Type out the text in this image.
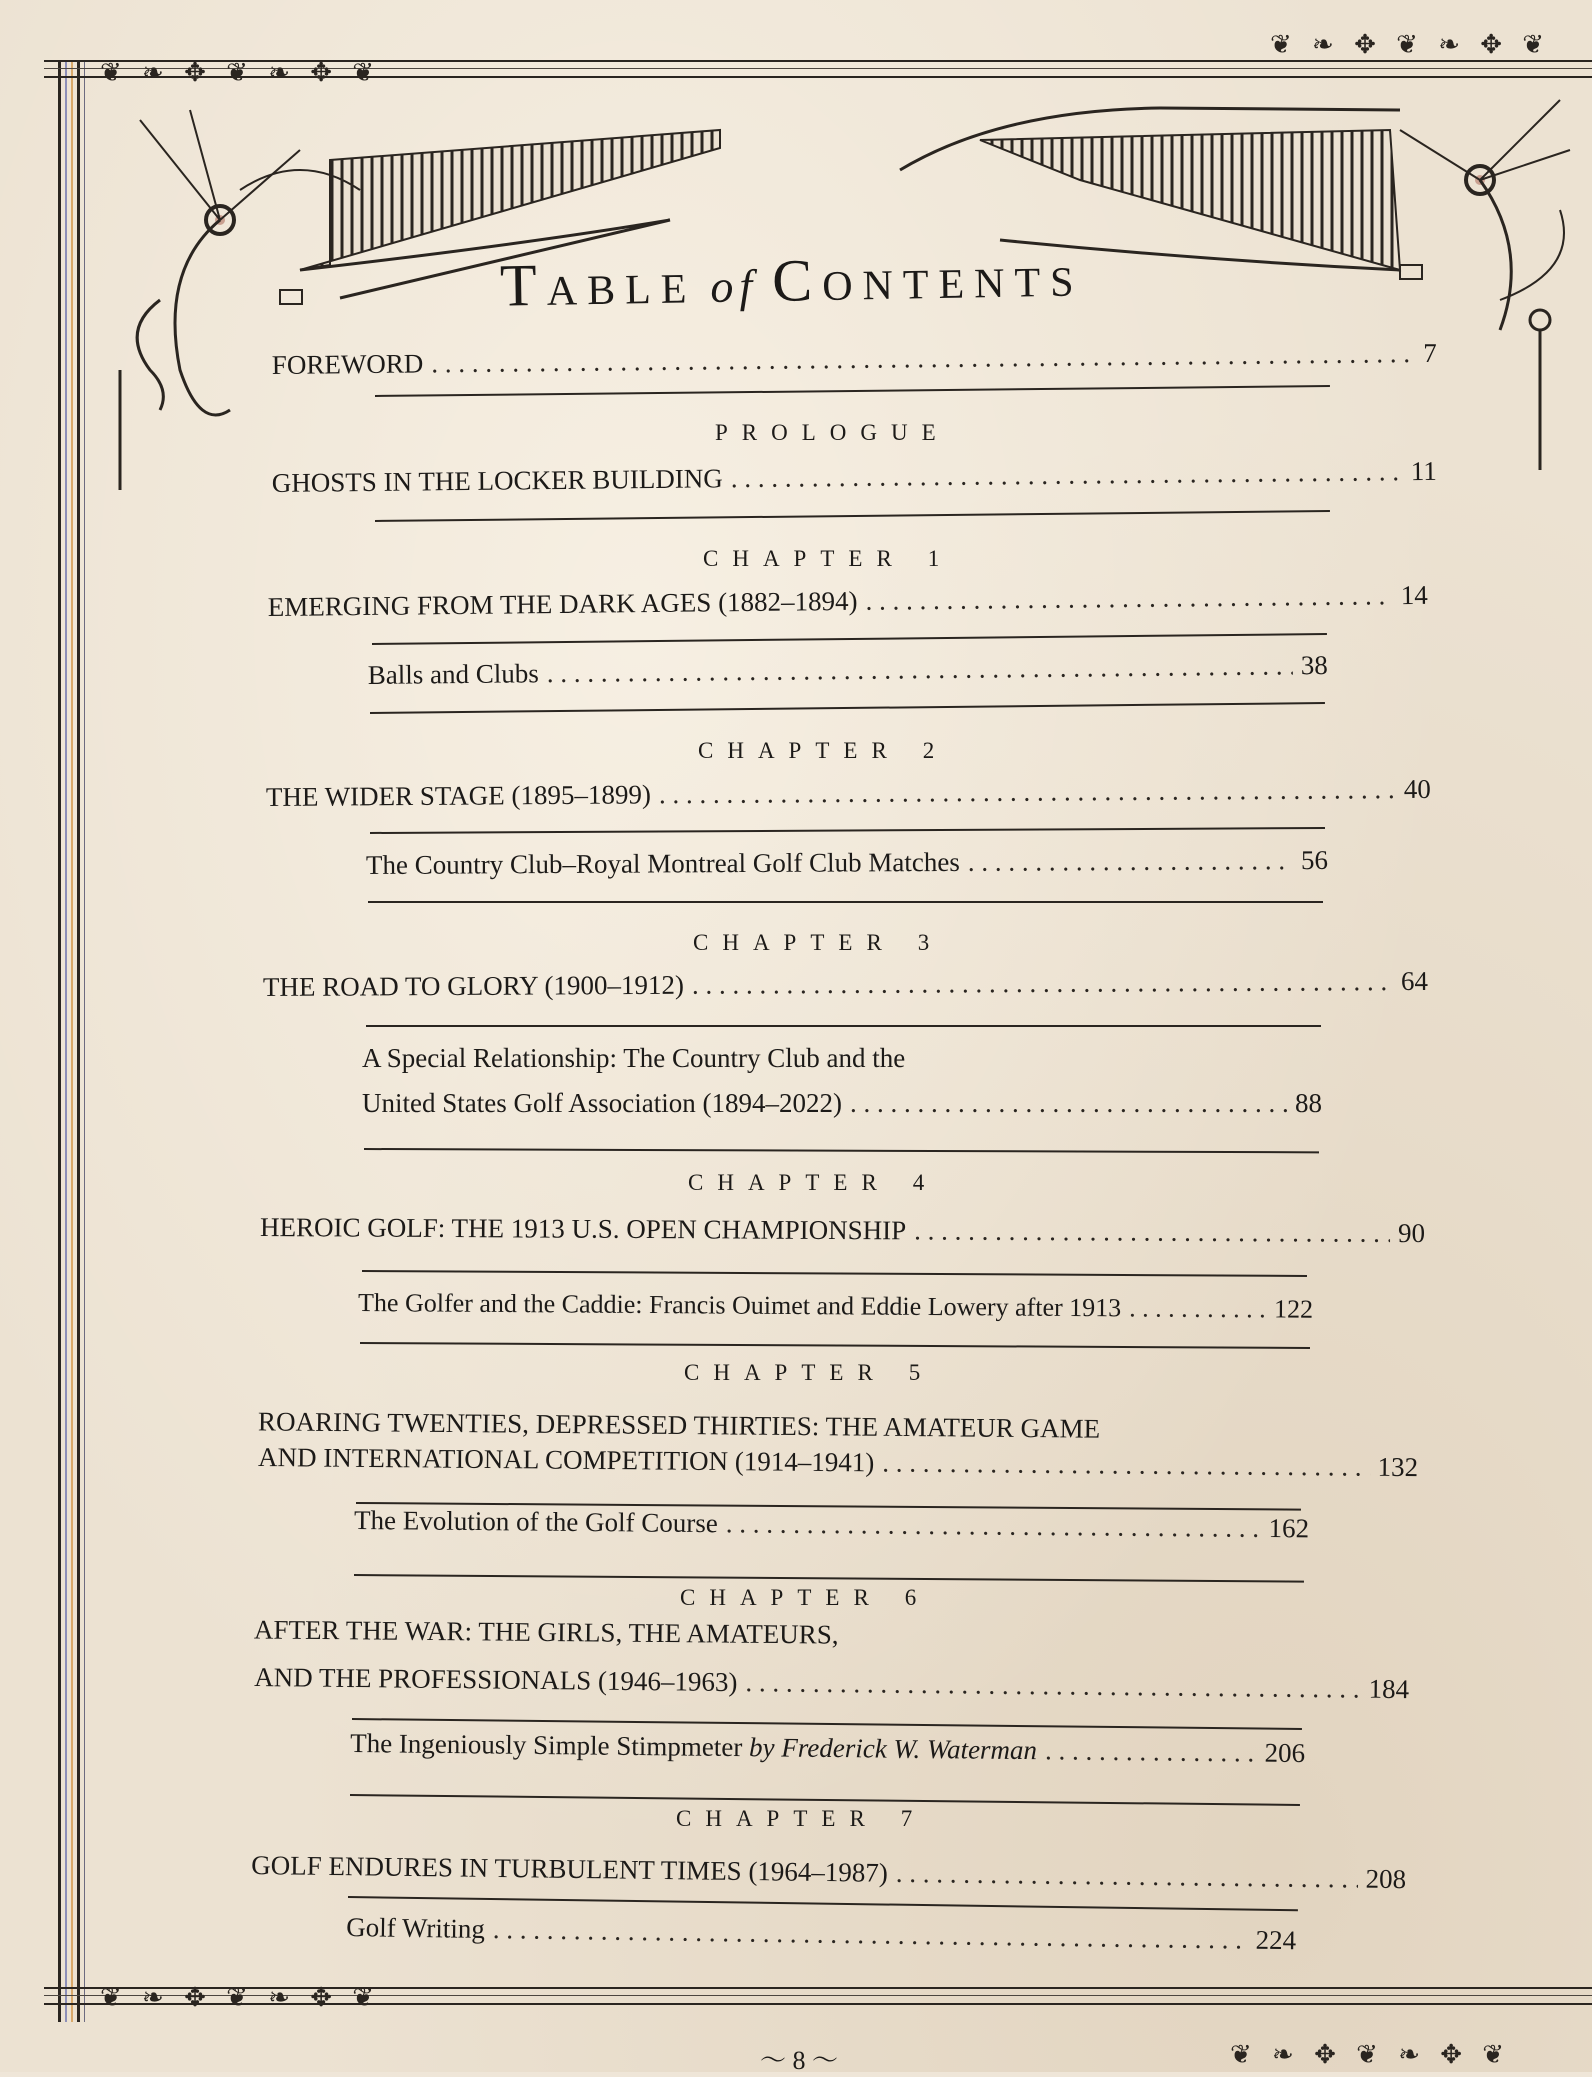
❦ ❧ ✥ ❦ ❧ ✥ ❦
❦ ❧ ✥ ❦ ❧ ✥ ❦
❦ ❧ ✥ ❦ ❧ ✥ ❦
❦ ❧ ✥ ❦ ❧ ✥ ❦
Table of Contents
FOREWORD . . .	7
PROLOGUE
GHOSTS IN THE LOCKER BUILDING . . .	11
CHAPTER 1
EMERGING FROM THE DARK AGES (1882–1894) . . .	14
Balls and Clubs . . .	38
CHAPTER 2
THE WIDER STAGE (1895–1899) . . .	40
The Country Club–Royal Montreal Golf Club Matches . . .	56
CHAPTER 3
THE ROAD TO GLORY (1900–1912) . . .	64
A Special Relationship: The Country Club and the
United States Golf Association (1894–2022) . . .	88
CHAPTER 4
HEROIC GOLF: THE 1913 U.S. OPEN CHAMPIONSHIP . . .	90
The Golfer and the Caddie: Francis Ouimet and Eddie Lowery after 1913 . . .	122
CHAPTER 5
ROARING TWENTIES, DEPRESSED THIRTIES: THE AMATEUR GAME
AND INTERNATIONAL COMPETITION (1914–1941) . . .	132
The Evolution of the Golf Course . . .	162
CHAPTER 6
AFTER THE WAR: THE GIRLS, THE AMATEURS,
AND THE PROFESSIONALS (1946–1963) . . .	184
The Ingeniously Simple Stimpmeter by Frederick W. Waterman . . .	206
CHAPTER 7
GOLF ENDURES IN TURBULENT TIMES (1964–1987) . . .	208
Golf Writing . . .	224
〜 8 〜
